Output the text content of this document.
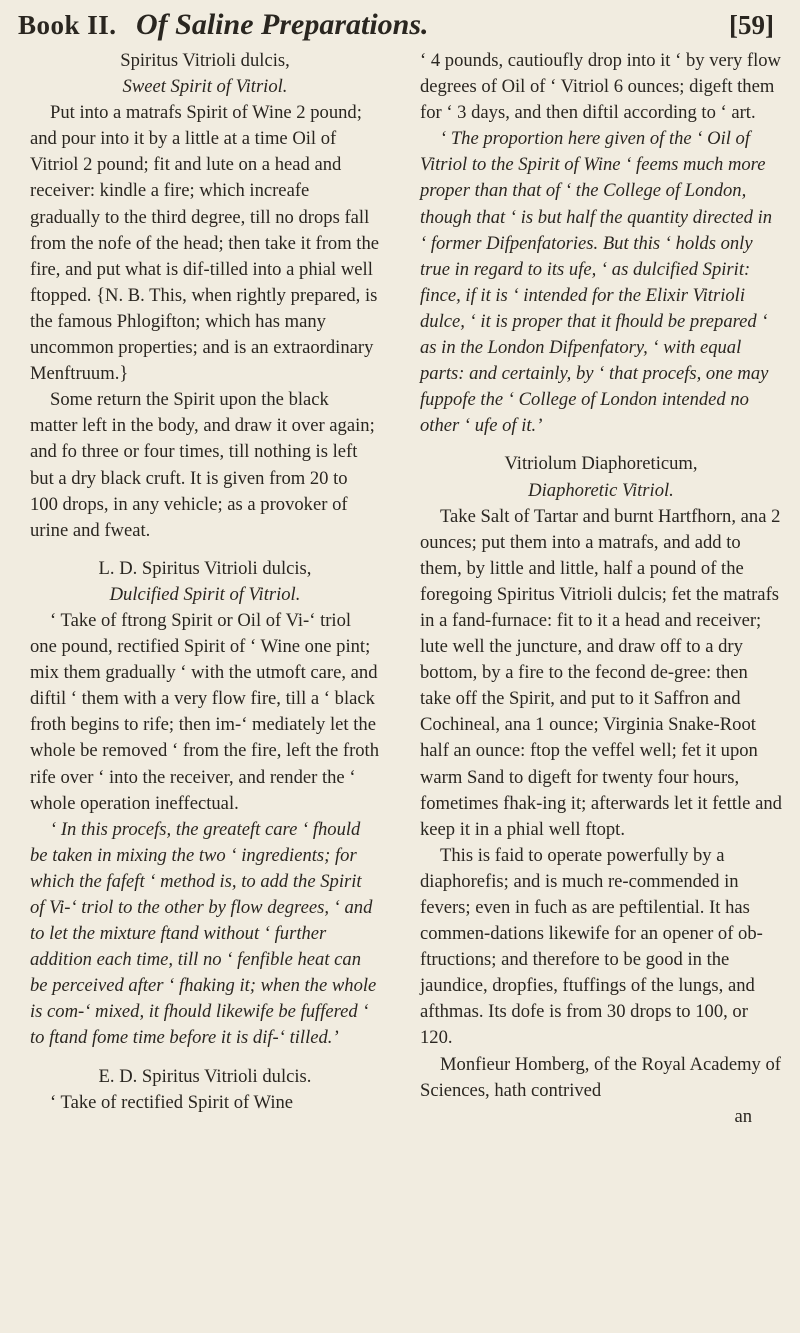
Book II. Of Saline Preparations.	[59]

Spiritus Vitrioli dulcis,

Sweet Spirit of Vitriol.

Put into a matrafs Spirit of Wine 2 pound; and pour into it by a little at a time Oil of Vitriol 2 pound; fit and lute on a head and receiver: kindle a fire; which increafe gradually to the third degree, till no drops fall from the nofe of the head; then take it from the fire, and put what is dif-tilled into a phial well ftopped. {N. B. This, when rightly prepared, is the famous Phlogifton; which has many uncommon properties; and is an extraordinary Menftruum.}

Some return the Spirit upon the black matter left in the body, and draw it over again; and fo three or four times, till nothing is left but a dry black cruft. It is given from 20 to 100 drops, in any vehicle; as a provoker of urine and fweat.

L. D. Spiritus Vitrioli dulcis,

Dulcified Spirit of Vitriol.

‘ Take of ftrong Spirit or Oil of Vi-‘ triol one pound, rectified Spirit of ‘ Wine one pint; mix them gradually ‘ with the utmoft care, and diftil ‘ them with a very flow fire, till a ‘ black froth begins to rife; then im-‘ mediately let the whole be removed ‘ from the fire, left the froth rife over ‘ into the receiver, and render the ‘ whole operation ineffectual.

‘ In this procefs, the greateft care ‘ fhould be taken in mixing the two ‘ ingredients; for which the fafeft ‘ method is, to add the Spirit of Vi-‘ triol to the other by flow degrees, ‘ and to let the mixture ftand without ‘ further addition each time, till no ‘ fenfible heat can be perceived after ‘ fhaking it; when the whole is com-‘ mixed, it fhould likewife be fuffered ‘ to ftand fome time before it is dif-‘ tilled.’

E. D. Spiritus Vitrioli dulcis.

‘ Take of rectified Spirit of Wine

‘ 4 pounds, cautioufly drop into it ‘ by very flow degrees of Oil of ‘ Vitriol 6 ounces; digeft them for ‘ 3 days, and then diftil according to ‘ art.

‘ The proportion here given of the ‘ Oil of Vitriol to the Spirit of Wine ‘ feems much more proper than that of ‘ the College of London, though that ‘ is but half the quantity directed in ‘ former Difpenfatories. But this ‘ holds only true in regard to its ufe, ‘ as dulcified Spirit: fince, if it is ‘ intended for the Elixir Vitrioli dulce, ‘ it is proper that it fhould be prepared ‘ as in the London Difpenfatory, ‘ with equal parts: and certainly, by ‘ that procefs, one may fuppofe the ‘ College of London intended no other ‘ ufe of it.’

Vitriolum Diaphoreticum,

Diaphoretic Vitriol.

Take Salt of Tartar and burnt Hartfhorn, ana 2 ounces; put them into a matrafs, and add to them, by little and little, half a pound of the foregoing Spiritus Vitrioli dulcis; fet the matrafs in a fand-furnace: fit to it a head and receiver; lute well the juncture, and draw off to a dry bottom, by a fire to the fecond de-gree: then take off the Spirit, and put to it Saffron and Cochineal, ana 1 ounce; Virginia Snake-Root half an ounce: ftop the veffel well; fet it upon warm Sand to digeft for twenty four hours, fometimes fhak-ing it; afterwards let it fettle and keep it in a phial well ftopt.

This is faid to operate powerfully by a diaphorefis; and is much re-commended in fevers; even in fuch as are peftilential. It has commen-dations likewife for an opener of ob-ftructions; and therefore to be good in the jaundice, dropfies, ftuffings of the lungs, and afthmas. Its dofe is from 30 drops to 100, or 120.

Monfieur Homberg, of the Royal Academy of Sciences, hath contrived

an
